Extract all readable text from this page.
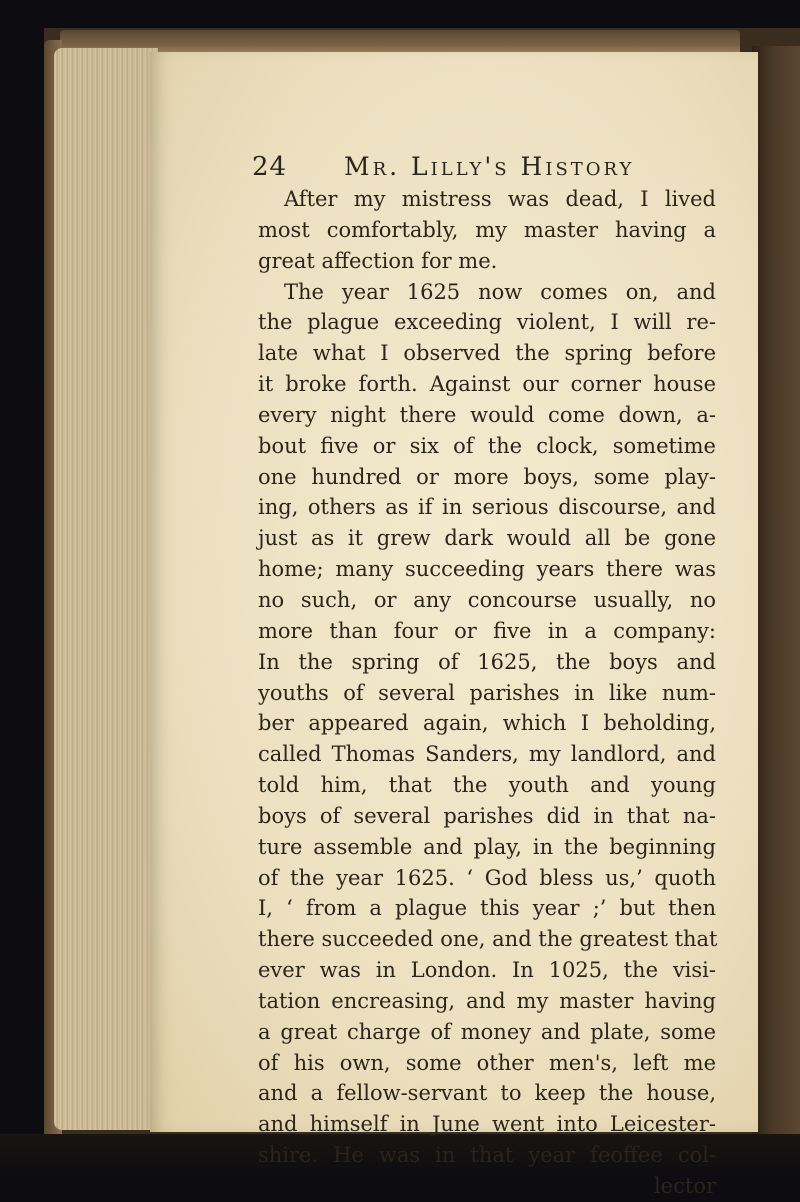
24 Mr. Lilly's History
After my mistress was dead, I lived
most comfortably, my master having a
great affection for me.
The year 1625 now comes on, and
the plague exceeding violent, I will re-
late what I observed the spring before
it broke forth. Against our corner house
every night there would come down, a-
bout five or six of the clock, sometime
one hundred or more boys, some play-
ing, others as if in serious discourse, and
just as it grew dark would all be gone
home; many succeeding years there was
no such, or any concourse usually, no
more than four or five in a company:
In the spring of 1625, the boys and
youths of several parishes in like num-
ber appeared again, which I beholding,
called Thomas Sanders, my landlord, and
told him, that the youth and young
boys of several parishes did in that na-
ture assemble and play, in the beginning
of the year 1625. ‘ God bless us,’ quoth
I, ‘ from a plague this year ;’ but then
there succeeded one, and the greatest that
ever was in London. In 1025, the visi-
tation encreasing, and my master having
a great charge of money and plate, some
of his own, some other men's, left me
and a fellow-servant to keep the house,
and himself in June went into Leicester-
shire. He was in that year feoffee col-
lector
